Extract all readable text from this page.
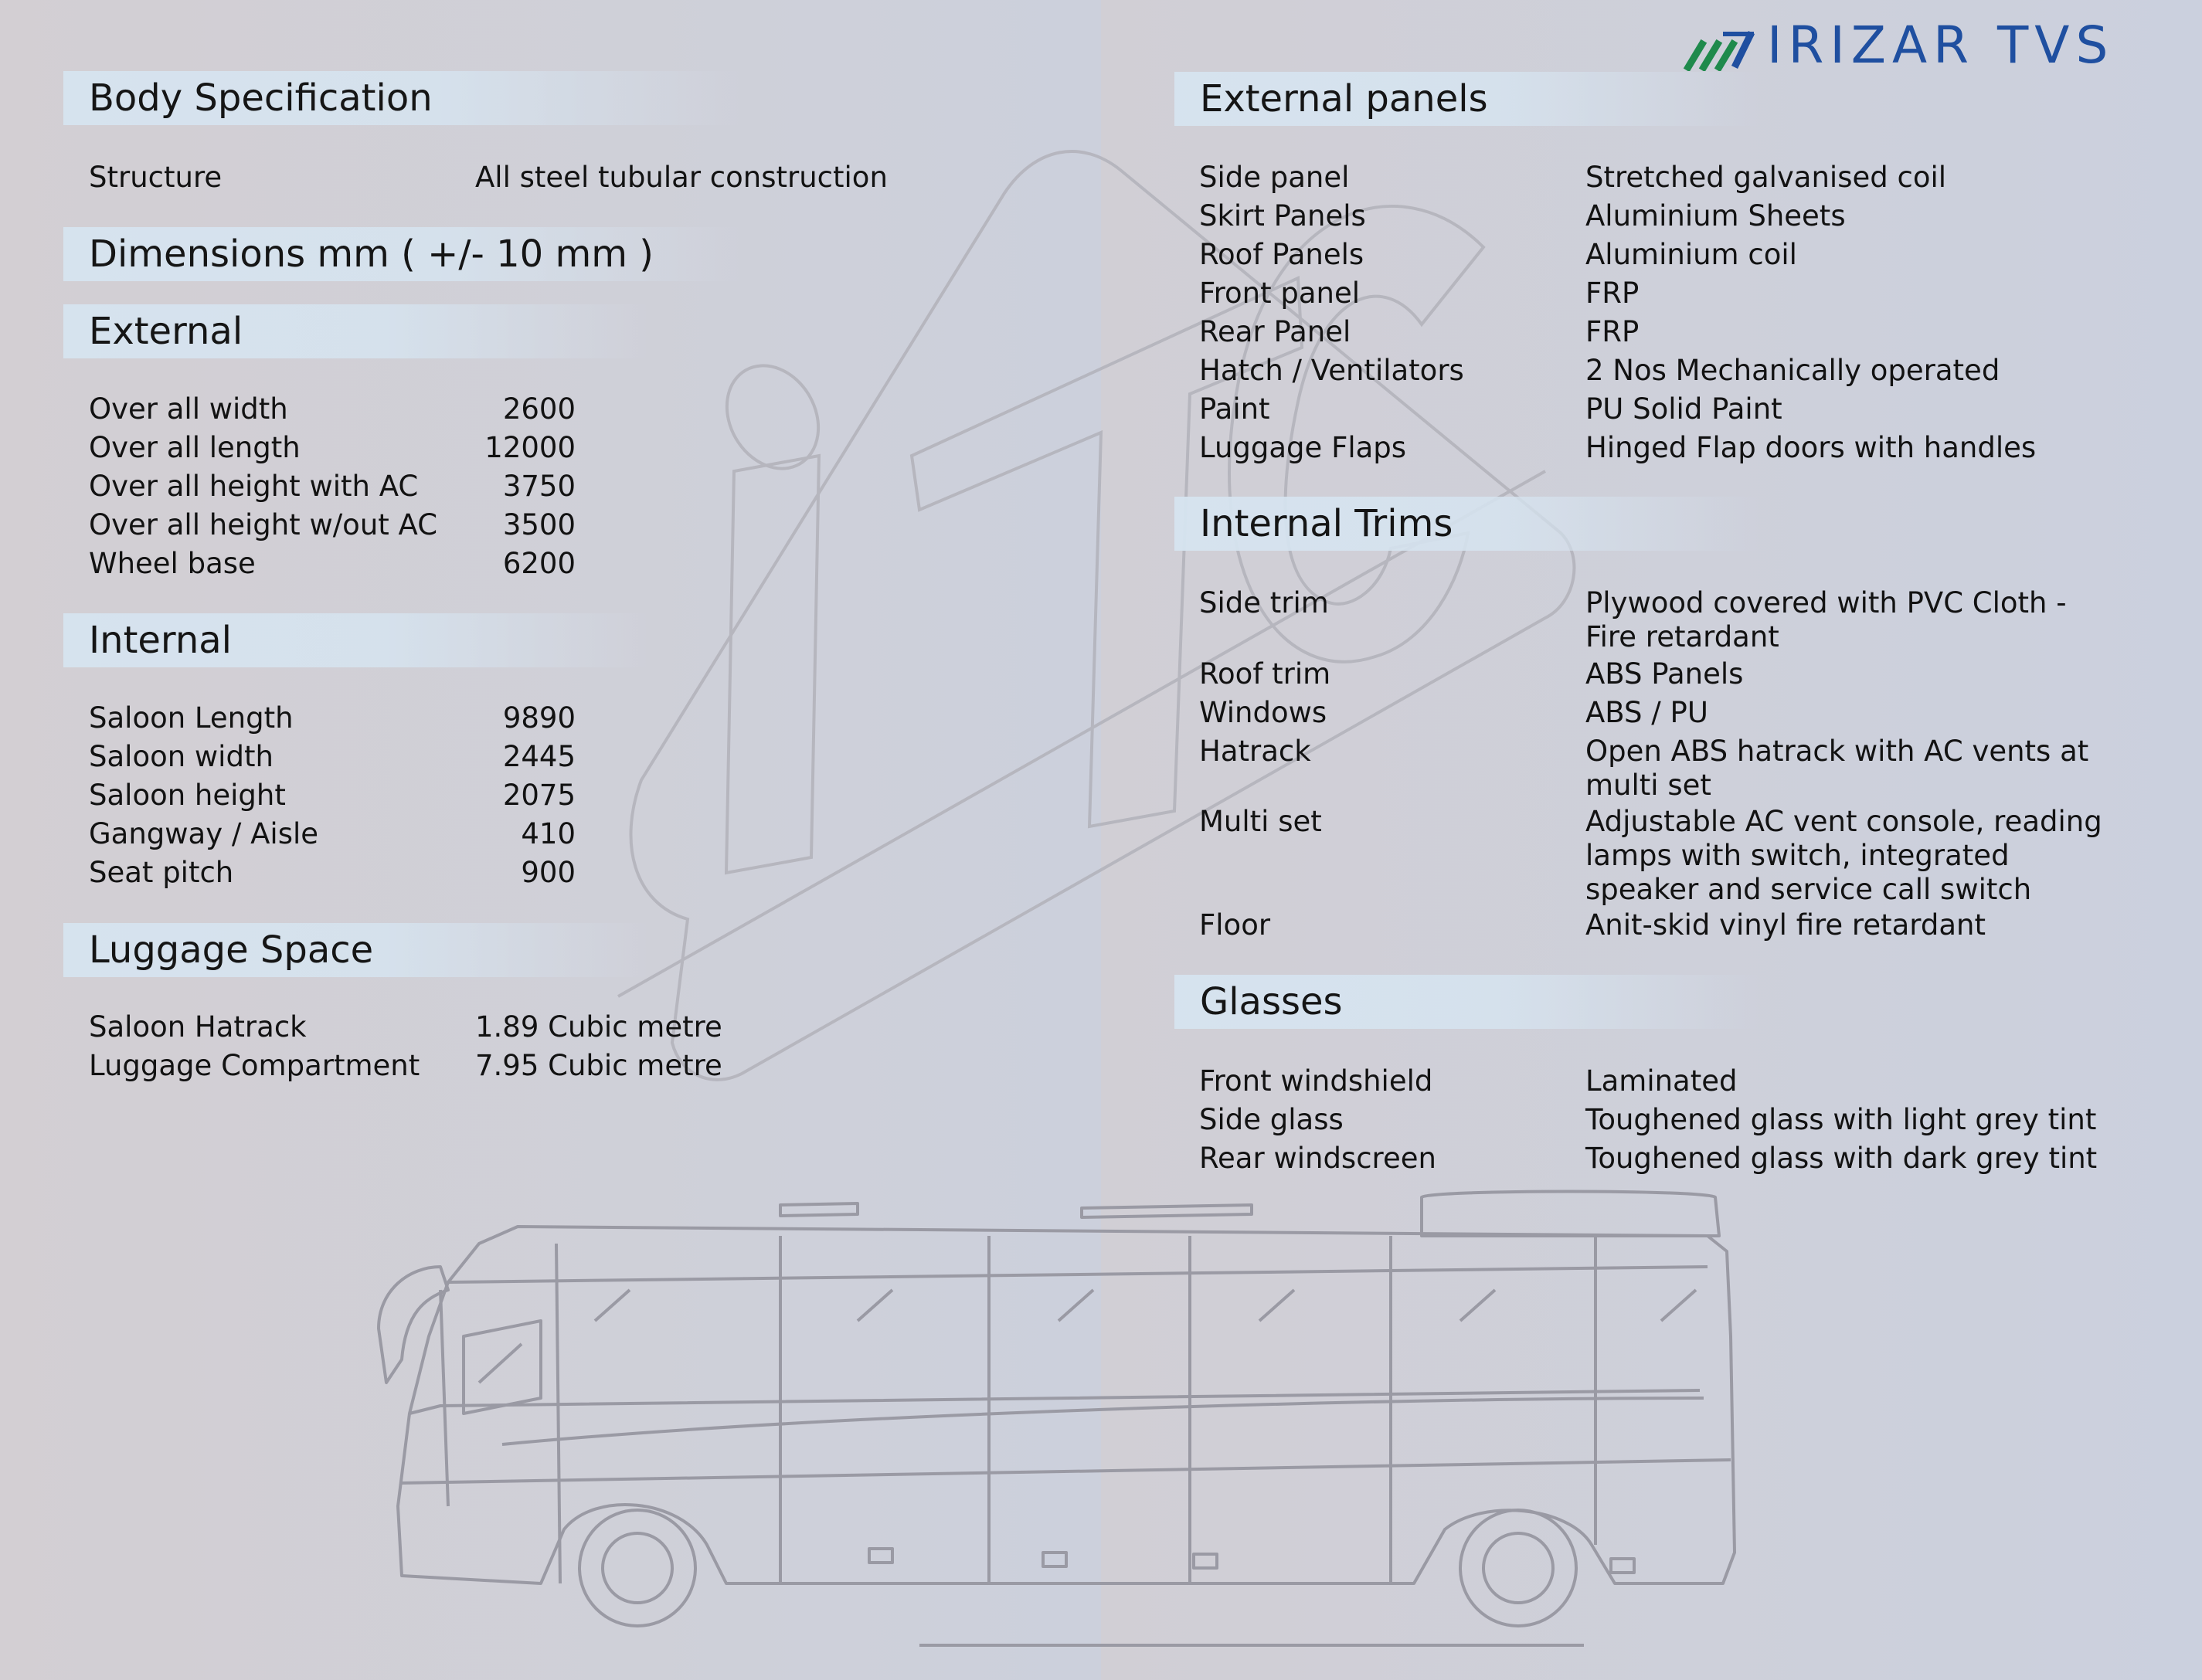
IRIZAR TVS
Body Specification
Structure	All steel tubular construction
Dimensions mm ( +/- 10 mm )
External
Over all width	2600
Over all length	12000
Over all height with AC	3750
Over all height w/out AC	3500
Wheel base	6200
Internal
Saloon Length	9890
Saloon width	2445
Saloon height	2075
Gangway / Aisle	410
Seat pitch	900
Luggage Space
Saloon Hatrack	1.89 Cubic metre
Luggage Compartment 7.95 Cubic metre
External panels
Side panel	Stretched galvanised coil
Skirt Panels	Aluminium Sheets
Roof Panels	Aluminium coil
Front panel	FRP
Rear Panel	FRP
Hatch / Ventilators	2 Nos Mechanically operated
Paint	PU Solid Paint
Luggage Flaps	Hinged Flap doors with handles
Internal Trims
Side trim	Plywood covered with PVC Cloth - Fire retardant
Roof trim	ABS Panels
Windows	ABS / PU
Hatrack	Open ABS hatrack with AC vents at multi set
Multi set	Adjustable AC vent console, reading lamps with switch, integrated speaker and service call switch
Floor	Anit-skid vinyl fire retardant
Glasses
Front windshield	Laminated
Side glass	Toughened glass with light grey tint
Rear windscreen	Toughened glass with dark grey tint
